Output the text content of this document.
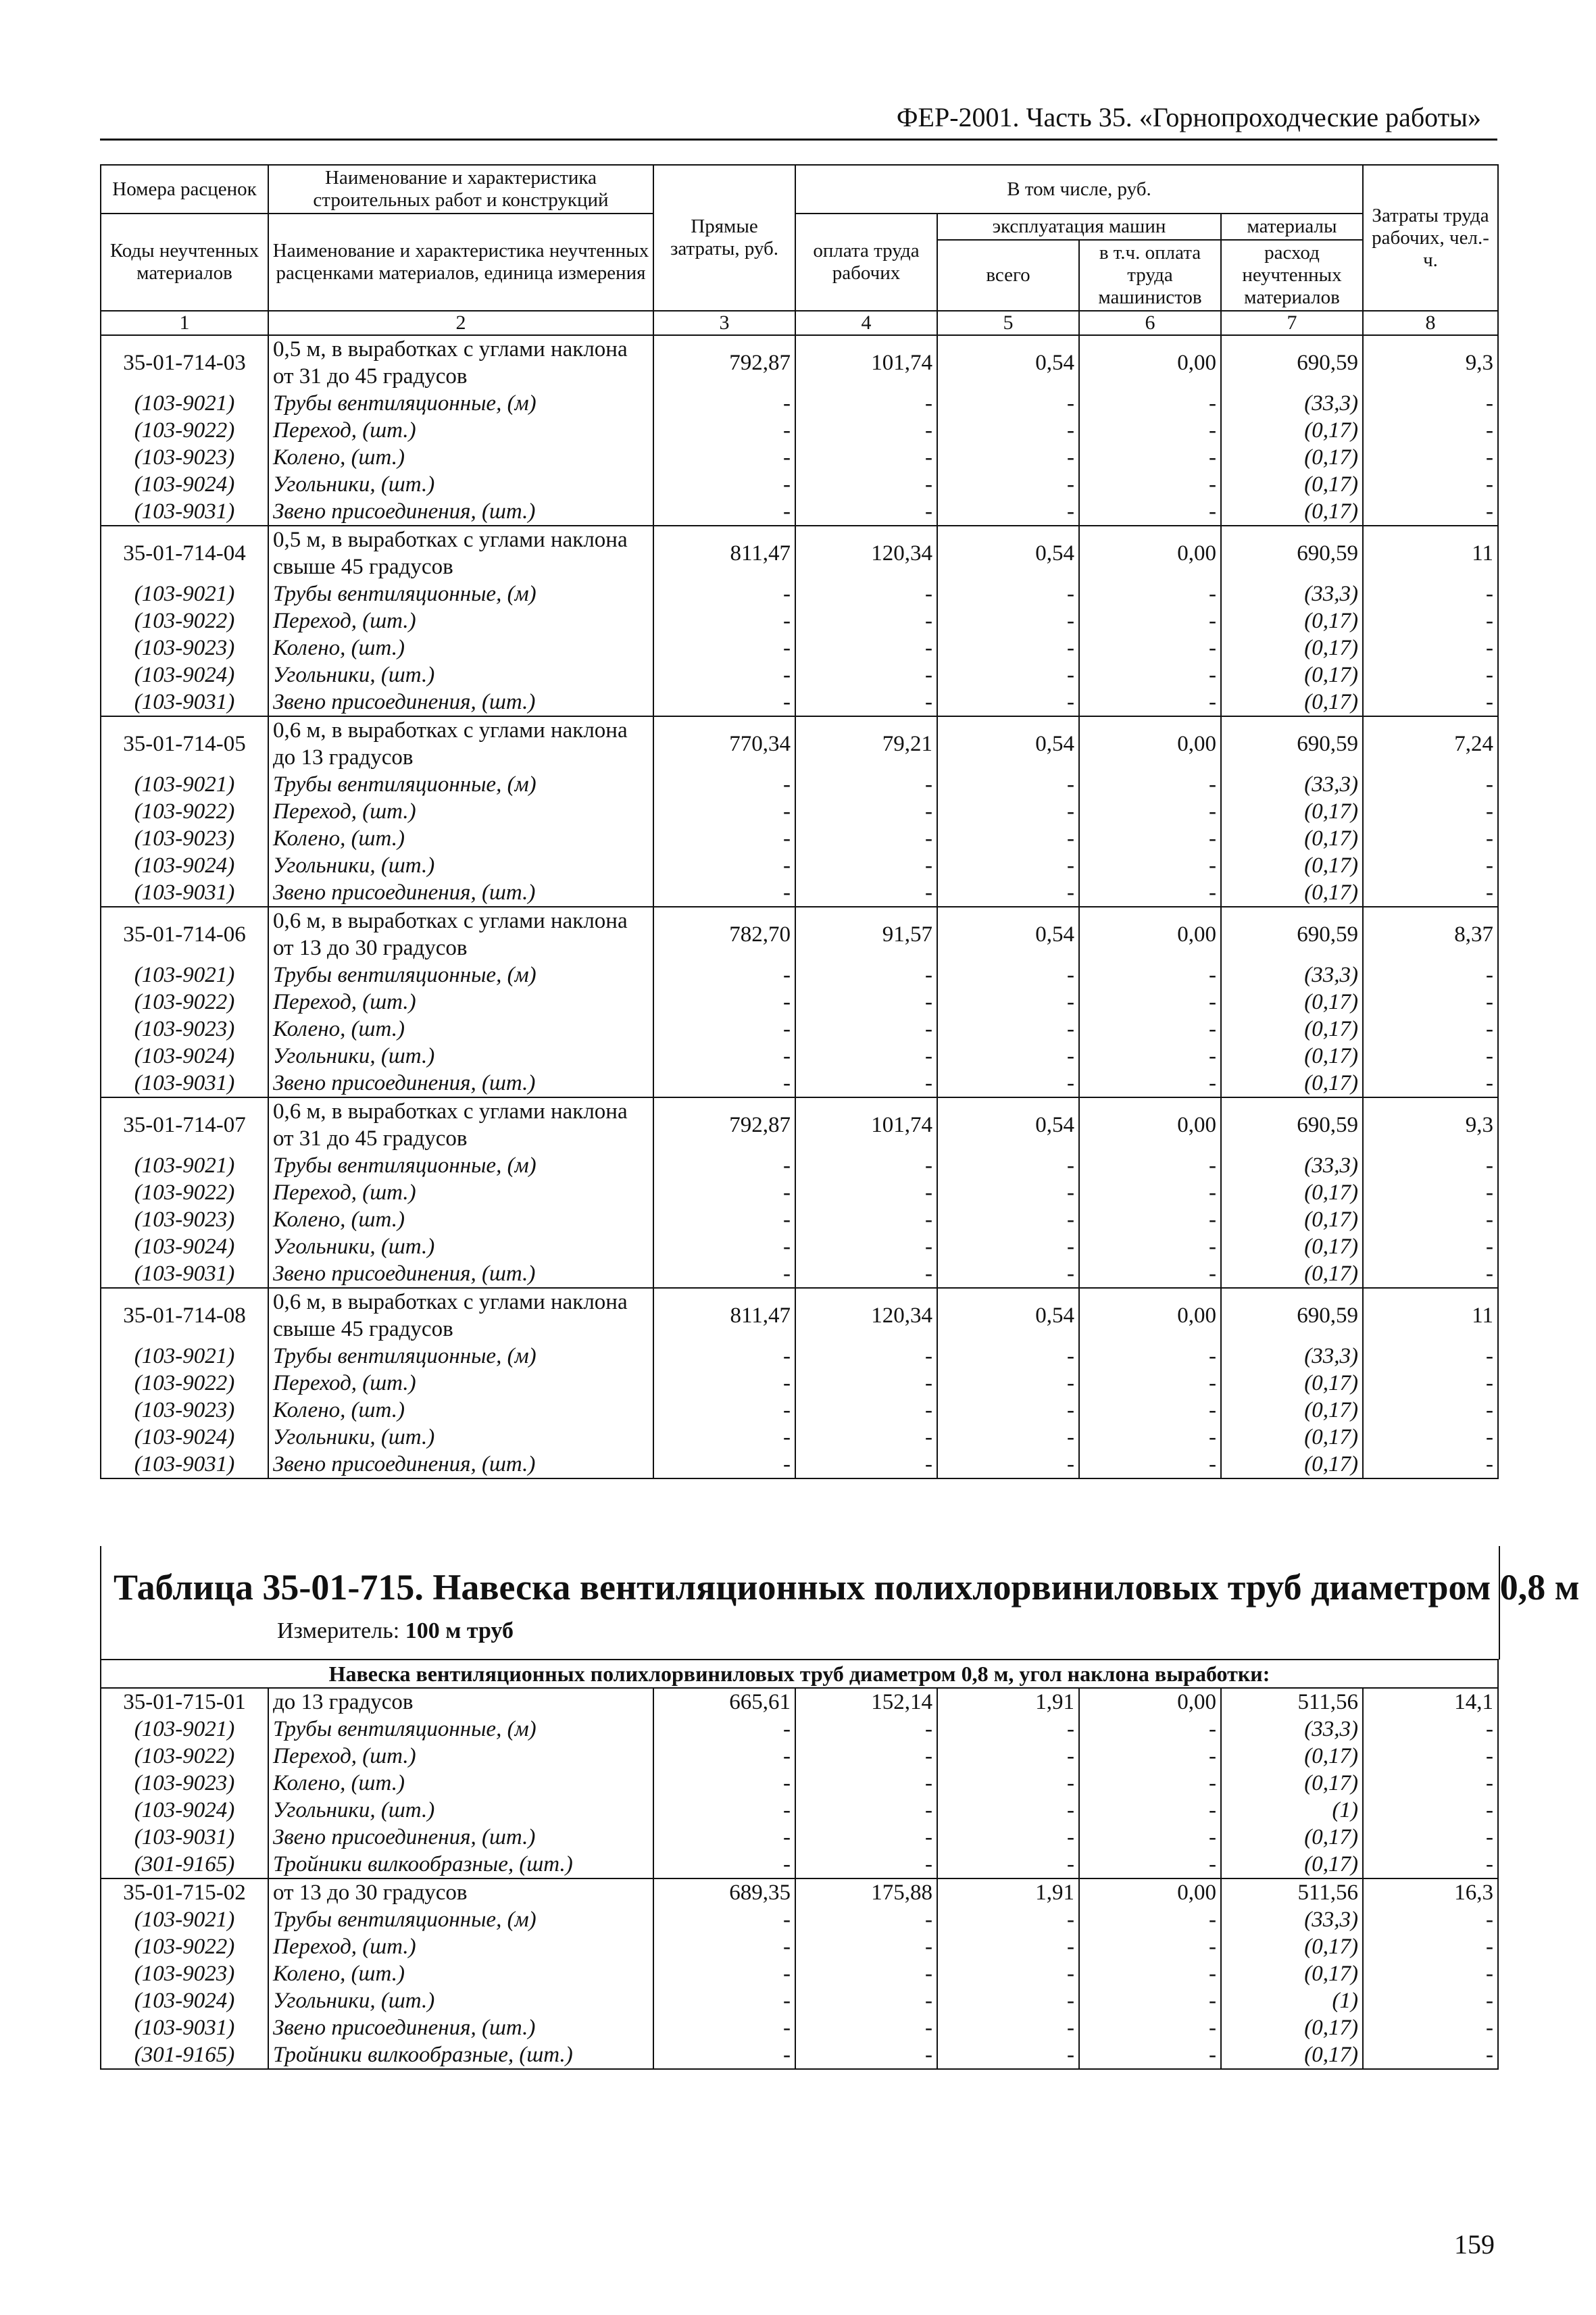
ФЕР-2001. Часть 35. «Горнопроходческие работы»
Номера расценок	Наименование и характеристика строительных работ и конструкций	Прямые затраты, руб.	В том числе, руб.				Затраты труда рабочих, чел.-ч.
Коды неучтенных материалов	Наименование и характеристика неучтенных расценками материалов, единица измерения		оплата труда рабочих	эксплуатация машин		материалы	
				всего	в т.ч. оплата труда машинистов	расход неучтенных материалов	
1	2	3	4	5	6	7	8
35-01-714-03	0,5 м, в выработках с углами наклона от 31 до 45 градусов	792,87	101,74	0,54	0,00	690,59	9,3
(103-9021)	Трубы вентиляционные, (м)	-	-	-	-	(33,3)	-
(103-9022)	Переход, (шт.)	-	-	-	-	(0,17)	-
(103-9023)	Колено, (шт.)	-	-	-	-	(0,17)	-
(103-9024)	Угольники, (шт.)	-	-	-	-	(0,17)	-
(103-9031)	Звено присоединения, (шт.)	-	-	-	-	(0,17)	-
35-01-714-04	0,5 м, в выработках с углами наклона свыше 45 градусов	811,47	120,34	0,54	0,00	690,59	11
(103-9021)	Трубы вентиляционные, (м)	-	-	-	-	(33,3)	-
(103-9022)	Переход, (шт.)	-	-	-	-	(0,17)	-
(103-9023)	Колено, (шт.)	-	-	-	-	(0,17)	-
(103-9024)	Угольники, (шт.)	-	-	-	-	(0,17)	-
(103-9031)	Звено присоединения, (шт.)	-	-	-	-	(0,17)	-
35-01-714-05	0,6 м, в выработках с углами наклона до 13 градусов	770,34	79,21	0,54	0,00	690,59	7,24
(103-9021)	Трубы вентиляционные, (м)	-	-	-	-	(33,3)	-
(103-9022)	Переход, (шт.)	-	-	-	-	(0,17)	-
(103-9023)	Колено, (шт.)	-	-	-	-	(0,17)	-
(103-9024)	Угольники, (шт.)	-	-	-	-	(0,17)	-
(103-9031)	Звено присоединения, (шт.)	-	-	-	-	(0,17)	-
35-01-714-06	0,6 м, в выработках с углами наклона от 13 до 30 градусов	782,70	91,57	0,54	0,00	690,59	8,37
(103-9021)	Трубы вентиляционные, (м)	-	-	-	-	(33,3)	-
(103-9022)	Переход, (шт.)	-	-	-	-	(0,17)	-
(103-9023)	Колено, (шт.)	-	-	-	-	(0,17)	-
(103-9024)	Угольники, (шт.)	-	-	-	-	(0,17)	-
(103-9031)	Звено присоединения, (шт.)	-	-	-	-	(0,17)	-
35-01-714-07	0,6 м, в выработках с углами наклона от 31 до 45 градусов	792,87	101,74	0,54	0,00	690,59	9,3
(103-9021)	Трубы вентиляционные, (м)	-	-	-	-	(33,3)	-
(103-9022)	Переход, (шт.)	-	-	-	-	(0,17)	-
(103-9023)	Колено, (шт.)	-	-	-	-	(0,17)	-
(103-9024)	Угольники, (шт.)	-	-	-	-	(0,17)	-
(103-9031)	Звено присоединения, (шт.)	-	-	-	-	(0,17)	-
35-01-714-08	0,6 м, в выработках с углами наклона свыше 45 градусов	811,47	120,34	0,54	0,00	690,59	11
(103-9021)	Трубы вентиляционные, (м)	-	-	-	-	(33,3)	-
(103-9022)	Переход, (шт.)	-	-	-	-	(0,17)	-
(103-9023)	Колено, (шт.)	-	-	-	-	(0,17)	-
(103-9024)	Угольники, (шт.)	-	-	-	-	(0,17)	-
(103-9031)	Звено присоединения, (шт.)	-	-	-	-	(0,17)	-
Таблица 35-01-715. Навеска вентиляционных полихлорвиниловых труб диаметром 0,8 м
Измеритель: 100 м труб
Навеска вентиляционных полихлорвиниловых труб диаметром 0,8 м, угол наклона выработки:							
35-01-715-01	до 13 градусов	665,61	152,14	1,91	0,00	511,56	14,1
(103-9021)	Трубы вентиляционные, (м)	-	-	-	-	(33,3)	-
(103-9022)	Переход, (шт.)	-	-	-	-	(0,17)	-
(103-9023)	Колено, (шт.)	-	-	-	-	(0,17)	-
(103-9024)	Угольники, (шт.)	-	-	-	-	(1)	-
(103-9031)	Звено присоединения, (шт.)	-	-	-	-	(0,17)	-
(301-9165)	Тройники вилкообразные, (шт.)	-	-	-	-	(0,17)	-
35-01-715-02	от 13 до 30 градусов	689,35	175,88	1,91	0,00	511,56	16,3
(103-9021)	Трубы вентиляционные, (м)	-	-	-	-	(33,3)	-
(103-9022)	Переход, (шт.)	-	-	-	-	(0,17)	-
(103-9023)	Колено, (шт.)	-	-	-	-	(0,17)	-
(103-9024)	Угольники, (шт.)	-	-	-	-	(1)	-
(103-9031)	Звено присоединения, (шт.)	-	-	-	-	(0,17)	-
(301-9165)	Тройники вилкообразные, (шт.)	-	-	-	-	(0,17)	-
159
